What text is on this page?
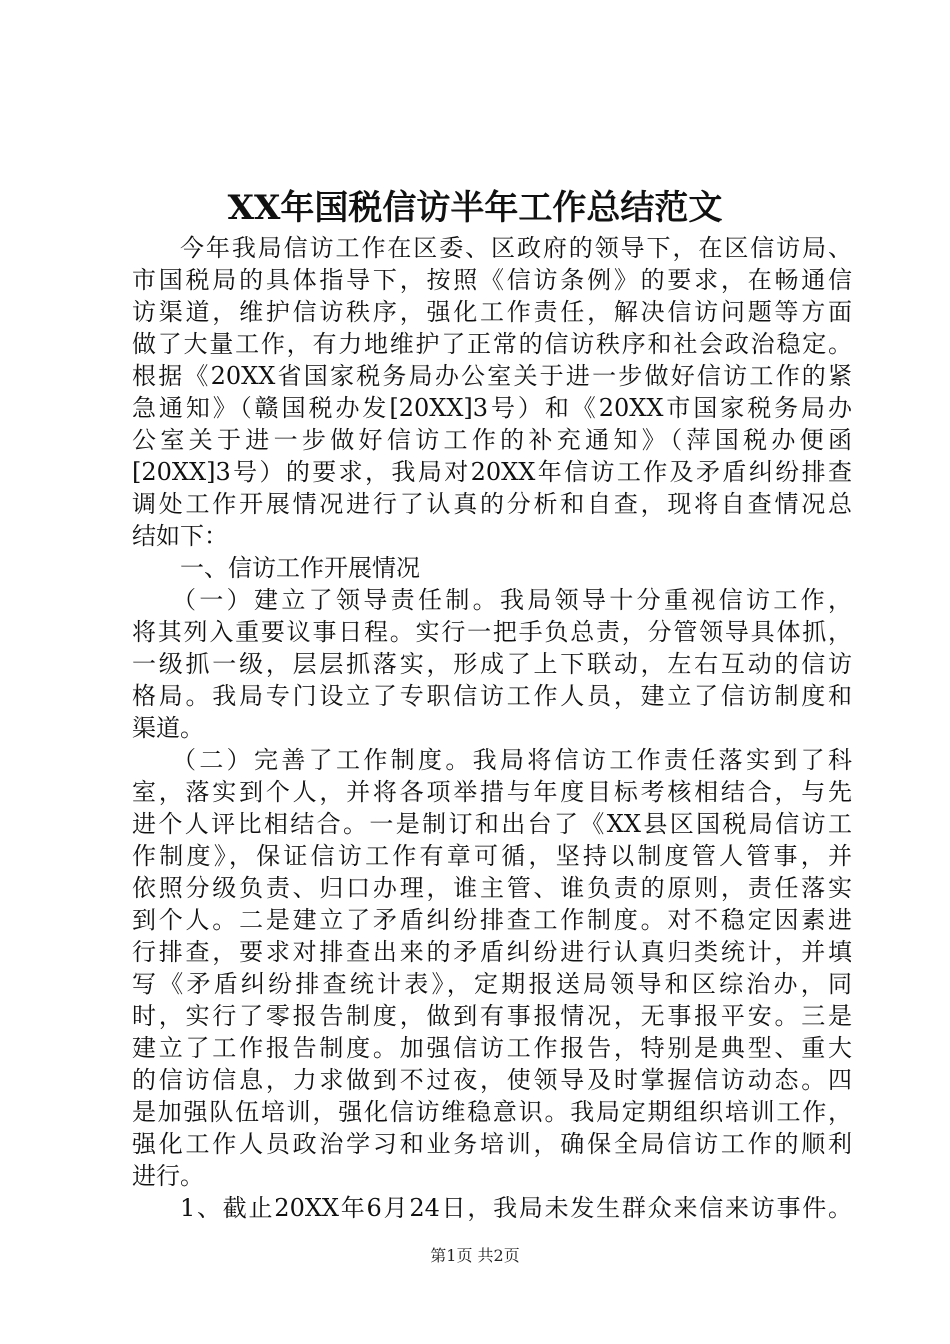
XX年国税信访半年工作总结范文
今年我局信访工作在区委、区政府的领导下，在区信访局、
市国税局的具体指导下，按照《信访条例》的要求，在畅通信
访渠道，维护信访秩序，强化工作责任，解决信访问题等方面
做了大量工作，有力地维护了正常的信访秩序和社会政治稳定。
根据《20XX省国家税务局办公室关于进一步做好信访工作的紧
急通知》（赣国税办发[20XX]3号）和《20XX市国家税务局办
公室关于进一步做好信访工作的补充通知》（萍国税办便函
[20XX]3号）的要求，我局对20XX年信访工作及矛盾纠纷排查
调处工作开展情况进行了认真的分析和自查，现将自查情况总
结如下：
一、信访工作开展情况
（一）建立了领导责任制。我局领导十分重视信访工作，
将其列入重要议事日程。实行一把手负总责，分管领导具体抓，
一级抓一级，层层抓落实，形成了上下联动，左右互动的信访
格局。我局专门设立了专职信访工作人员，建立了信访制度和
渠道。
（二）完善了工作制度。我局将信访工作责任落实到了科
室，落实到个人，并将各项举措与年度目标考核相结合，与先
进个人评比相结合。一是制订和出台了《XX县区国税局信访工
作制度》，保证信访工作有章可循，坚持以制度管人管事，并
依照分级负责、归口办理，谁主管、谁负责的原则，责任落实
到个人。二是建立了矛盾纠纷排查工作制度。对不稳定因素进
行排查，要求对排查出来的矛盾纠纷进行认真归类统计，并填
写《矛盾纠纷排查统计表》，定期报送局领导和区综治办，同
时，实行了零报告制度，做到有事报情况，无事报平安。三是
建立了工作报告制度。加强信访工作报告，特别是典型、重大
的信访信息，力求做到不过夜，使领导及时掌握信访动态。四
是加强队伍培训，强化信访维稳意识。我局定期组织培训工作，
强化工作人员政治学习和业务培训，确保全局信访工作的顺利
进行。
1、截止20XX年6月24日，我局未发生群众来信来访事件。
第1页 共2页
